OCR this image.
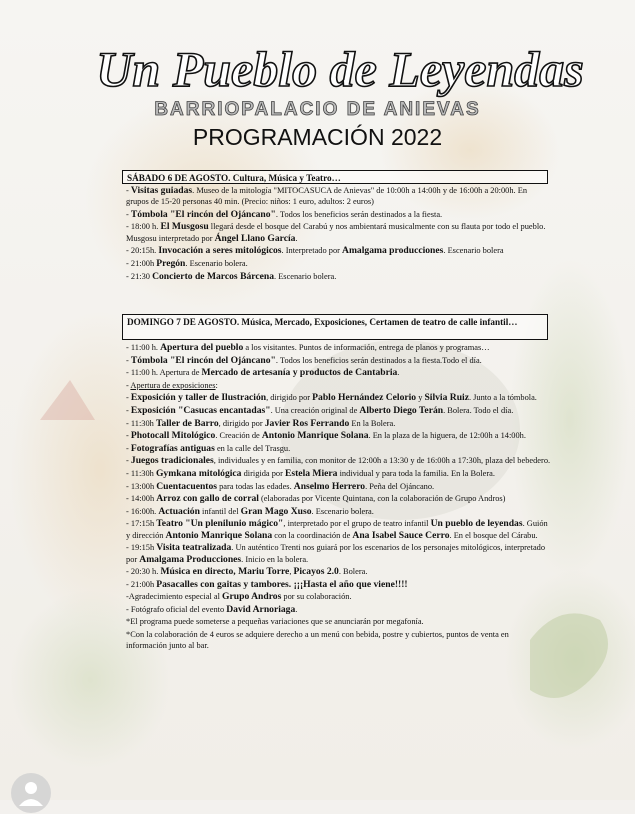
Un Pueblo de Leyendas
BARRIOPALACIO DE ANIEVAS
PROGRAMACIÓN 2022
SÁBADO 6 DE AGOSTO. Cultura, Música y Teatro…

- Visitas guiadas. Museo de la mitología "MITOCASUCA de Anievas" de 10:00h a 14:00h y de 16:00h a 20:00h. En grupos de 15-20 personas 40 min. (Precio: niños: 1 euro, adultos: 2 euros)

- Tómbola "El rincón del Ojáncano". Todos los beneficios serán destinados a la fiesta.

- 18:00 h. El Musgosu llegará desde el bosque del Carabú y nos ambientará musicalmente con su flauta por todo el pueblo. Musgosu interpretado por Ángel Llano García.

- 20:15h. Invocación a seres mitológicos. Interpretado por Amalgama producciones. Escenario bolera

- 21:00h Pregón. Escenario bolera.

- 21:30 Concierto de Marcos Bárcena. Escenario bolera.

DOMINGO 7 DE AGOSTO. Música, Mercado, Exposiciones, Certamen de teatro de calle infantil…

- 11:00 h. Apertura del pueblo a los visitantes. Puntos de información, entrega de planos y programas…

- Tómbola "El rincón del Ojáncano". Todos los beneficios serán destinados a la fiesta.Todo el día.

- 11:00 h. Apertura de Mercado de artesanía y productos de Cantabria.

- Apertura de exposiciones:

- Exposición y taller de Ilustración, dirigido por Pablo Hernández Celorio y Silvia Ruiz. Junto a la tómbola.

- Exposición "Casucas encantadas". Una creación original de Alberto Diego Terán. Bolera. Todo el día.

- 11:30h Taller de Barro, dirigido por Javier Ros Ferrando En la Bolera.

- Photocall Mitológico. Creación de Antonio Manrique Solana. En la plaza de la higuera, de 12:00h a 14:00h.

- Fotografías antiguas en la calle del Trasgu.

- Juegos tradicionales, individuales y en familia, con monitor de 12:00h a 13:30 y de 16:00h a 17:30h, plaza del bebedero.

- 11:30h Gymkana mitológica dirigida por Estela Miera individual y para toda la familia. En la Bolera.

- 13:00h Cuentacuentos para todas las edades. Anselmo Herrero. Peña del Ojáncano.

- 14:00h Arroz con gallo de corral (elaboradas por Vicente Quintana, con la colaboración de Grupo Andros)

- 16:00h. Actuación infantil del Gran Mago Xuso. Escenario bolera.

- 17:15h Teatro "Un plenilunio mágico", interpretado por el grupo de teatro infantil Un pueblo de leyendas. Guión y dirección Antonio Manrique Solana con la coordinación de Ana Isabel Sauce Cerro. En el bosque del Cárabu.

- 19:15h Visita teatralizada. Un auténtico Trenti nos guiará por los escenarios de los personajes mitológicos, interpretado por Amalgama Producciones. Inicio en la bolera.

- 20:30 h. Música en directo, Mariu Torre, Picayos 2.0. Bolera.

- 21:00h Pasacalles con gaitas y tambores. ¡¡¡Hasta el año que viene!!!!

-Agradecimiento especial al Grupo Andros por su colaboración.

- Fotógrafo oficial del evento David Arnoriaga.

*El programa puede someterse a pequeñas variaciones que se anunciarán por megafonía.

*Con la colaboración de 4 euros se adquiere derecho a un menú con bebida, postre y cubiertos, puntos de venta en información junto al bar.
